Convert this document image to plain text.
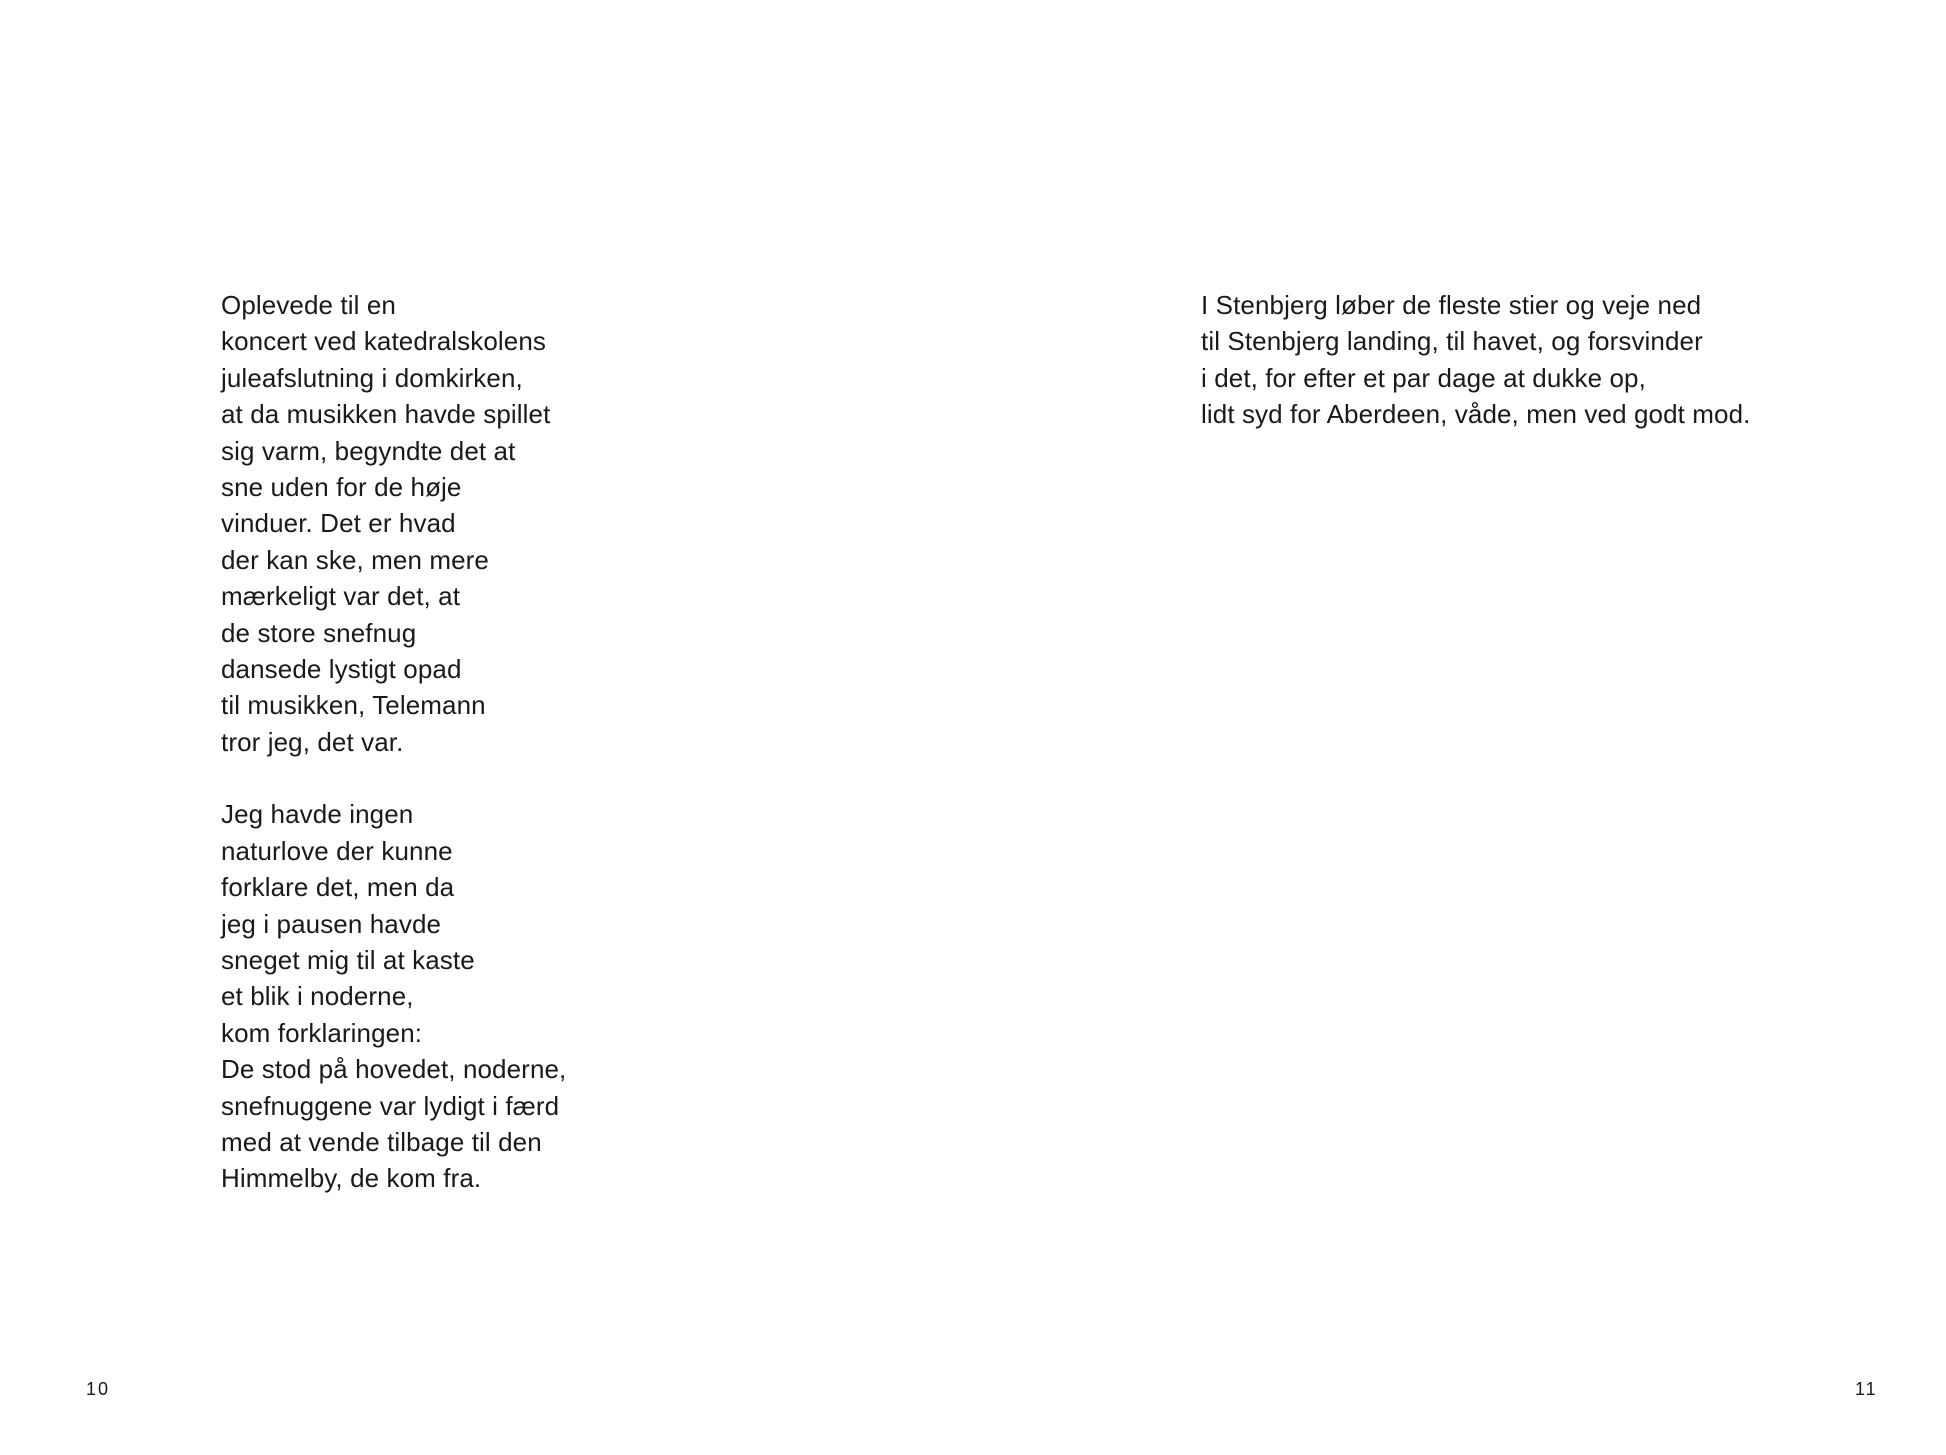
Oplevede til en
koncert ved katedralskolens
juleafslutning i domkirken,
at da musikken havde spillet
sig varm, begyndte det at
sne uden for de høje
vinduer. Det er hvad
der kan ske, men mere
mærkeligt var det, at
de store snefnug
dansede lystigt opad
til musikken, Telemann
tror jeg, det var.

Jeg havde ingen
naturlove der kunne
forklare det, men da
jeg i pausen havde
sneget mig til at kaste
et blik i noderne,
kom forklaringen:
De stod på hovedet, noderne,
snefnuggene var lydigt i færd
med at vende tilbage til den
Himmelby, de kom fra.

10

I Stenbjerg løber de fleste stier og veje ned
til Stenbjerg landing, til havet, og forsvinder
i det, for efter et par dage at dukke op,
lidt syd for Aberdeen, våde, men ved godt mod.

11
